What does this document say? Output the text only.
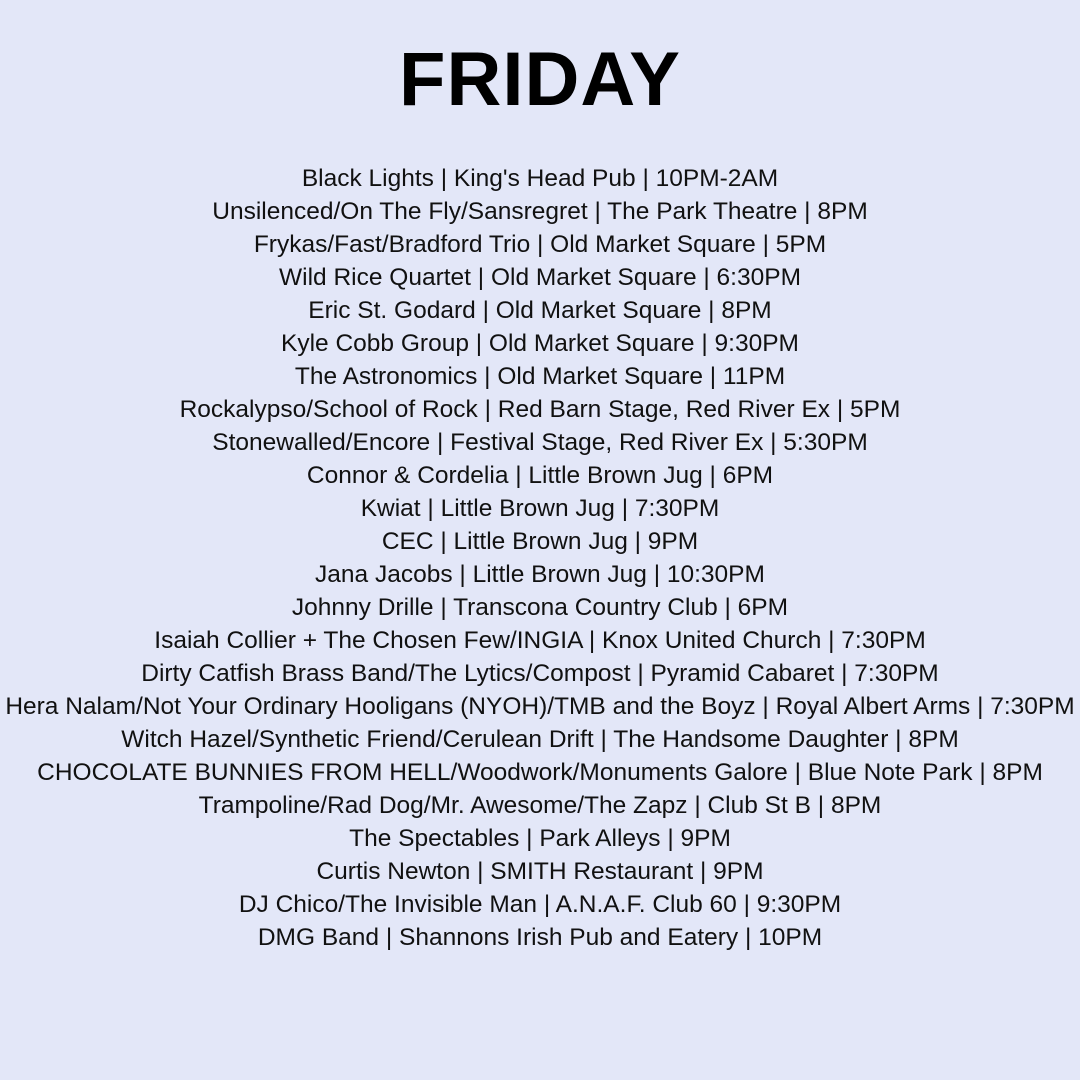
FRIDAY
Black Lights | King's Head Pub | 10PM-2AM
Unsilenced/On The Fly/Sansregret | The Park Theatre | 8PM
Frykas/Fast/Bradford Trio | Old Market Square | 5PM
Wild Rice Quartet | Old Market Square | 6:30PM
Eric St. Godard | Old Market Square | 8PM
Kyle Cobb Group | Old Market Square | 9:30PM
The Astronomics | Old Market Square | 11PM
Rockalypso/School of Rock | Red Barn Stage, Red River Ex | 5PM
Stonewalled/Encore | Festival Stage, Red River Ex | 5:30PM
Connor & Cordelia | Little Brown Jug | 6PM
Kwiat | Little Brown Jug | 7:30PM
CEC | Little Brown Jug | 9PM
Jana Jacobs | Little Brown Jug | 10:30PM
Johnny Drille | Transcona Country Club | 6PM
Isaiah Collier + The Chosen Few/INGIA | Knox United Church | 7:30PM
Dirty Catfish Brass Band/The Lytics/Compost | Pyramid Cabaret | 7:30PM
Hera Nalam/Not Your Ordinary Hooligans (NYOH)/TMB and the Boyz | Royal Albert Arms | 7:30PM
Witch Hazel/Synthetic Friend/Cerulean Drift | The Handsome Daughter | 8PM
CHOCOLATE BUNNIES FROM HELL/Woodwork/Monuments Galore | Blue Note Park | 8PM
Trampoline/Rad Dog/Mr. Awesome/The Zapz | Club St B | 8PM
The Spectables | Park Alleys | 9PM
Curtis Newton | SMITH Restaurant | 9PM
DJ Chico/The Invisible Man | A.N.A.F. Club 60 | 9:30PM
DMG Band | Shannons Irish Pub and Eatery | 10PM
